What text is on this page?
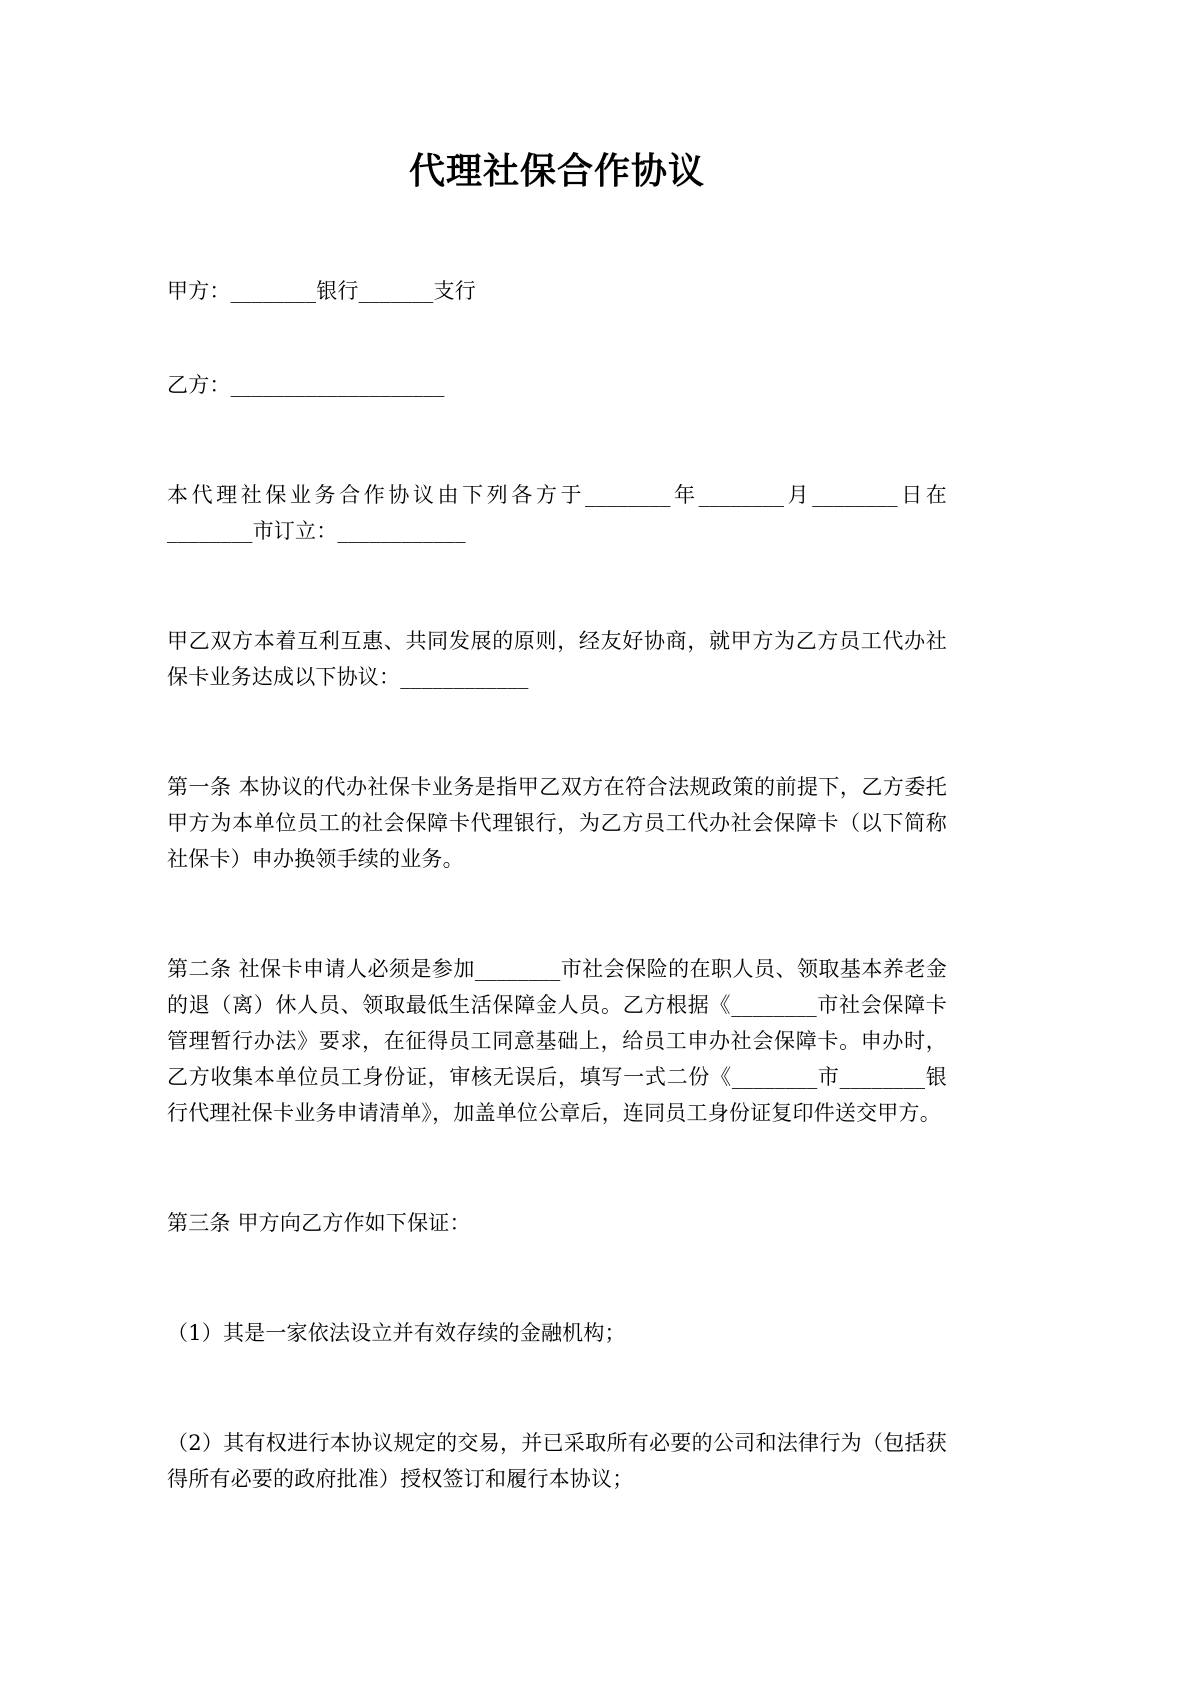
代理社保合作协议

甲方：________银行_______支行

乙方：____________________

本代理社保业务合作协议由下列各方于________年________月________日在________市订立：____________

甲乙双方本着互利互惠、共同发展的原则，经友好协商，就甲方为乙方员工代办社保卡业务达成以下协议：____________

第一条 本协议的代办社保卡业务是指甲乙双方在符合法规政策的前提下，乙方委托甲方为本单位员工的社会保障卡代理银行，为乙方员工代办社会保障卡（以下简称社保卡）申办换领手续的业务。

第二条 社保卡申请人必须是参加________市社会保险的在职人员、领取基本养老金的退（离）休人员、领取最低生活保障金人员。乙方根据《________市社会保障卡管理暂行办法》要求，在征得员工同意基础上，给员工申办社会保障卡。申办时，乙方收集本单位员工身份证，审核无误后，填写一式二份《________市________银行代理社保卡业务申请清单》，加盖单位公章后，连同员工身份证复印件送交甲方。

第三条 甲方向乙方作如下保证：

（1）其是一家依法设立并有效存续的金融机构；

（2）其有权进行本协议规定的交易，并已采取所有必要的公司和法律行为（包括获得所有必要的政府批准）授权签订和履行本协议；
